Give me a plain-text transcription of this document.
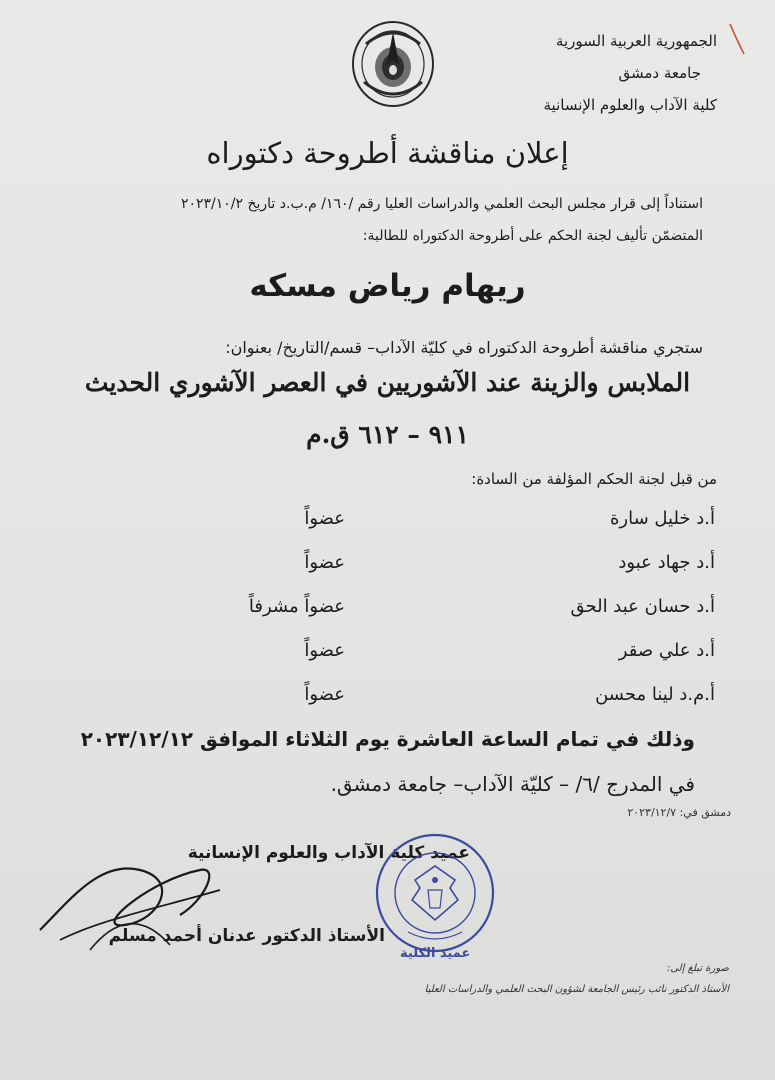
الجمهورية العربية السورية
جامعة دمشق
كلية الآداب والعلوم الإنسانية
إعلان مناقشة أطروحة دكتوراه
استناداً إلى قرار مجلس البحث العلمي والدراسات العليا رقم /١٦٠/ م.ب.د تاريخ ٢٠٢٣/١٠/٢
المتضمّن تأليف لجنة الحكم على أطروحة الدكتوراه للطالبة:
ريهام رياض مسكه
ستجري مناقشة أطروحة الدكتوراه في كليّة الآداب– قسم/التاريخ/ بعنوان:
الملابس والزينة عند الآشوريين في العصر الآشوري الحديث
٩١١ – ٦١٢ ق.م
من قبل لجنة الحكم المؤلفة من السادة:
أ.د خليل سارة
عضواً
أ.د جهاد عبود
عضواً
أ.د حسان عبد الحق
عضواً مشرفاً
أ.د علي صقر
عضواً
أ.م.د لينا محسن
عضواً
وذلك في تمام الساعة العاشرة يوم الثلاثاء الموافق ٢٠٢٣/١٢/١٢
في المدرج /٦/ – كليّة الآداب– جامعة دمشق.
دمشق في: ٢٠٢٣/١٢/٧
عميد كلية الآداب والعلوم الإنسانية
الأستاذ الدكتور عدنان أحمد مسلم
عميد الكلية
صورة تبلغ إلى:
الأستاذ الدكتور نائب رئيس الجامعة لشؤون البحث العلمي والدراسات العليا
